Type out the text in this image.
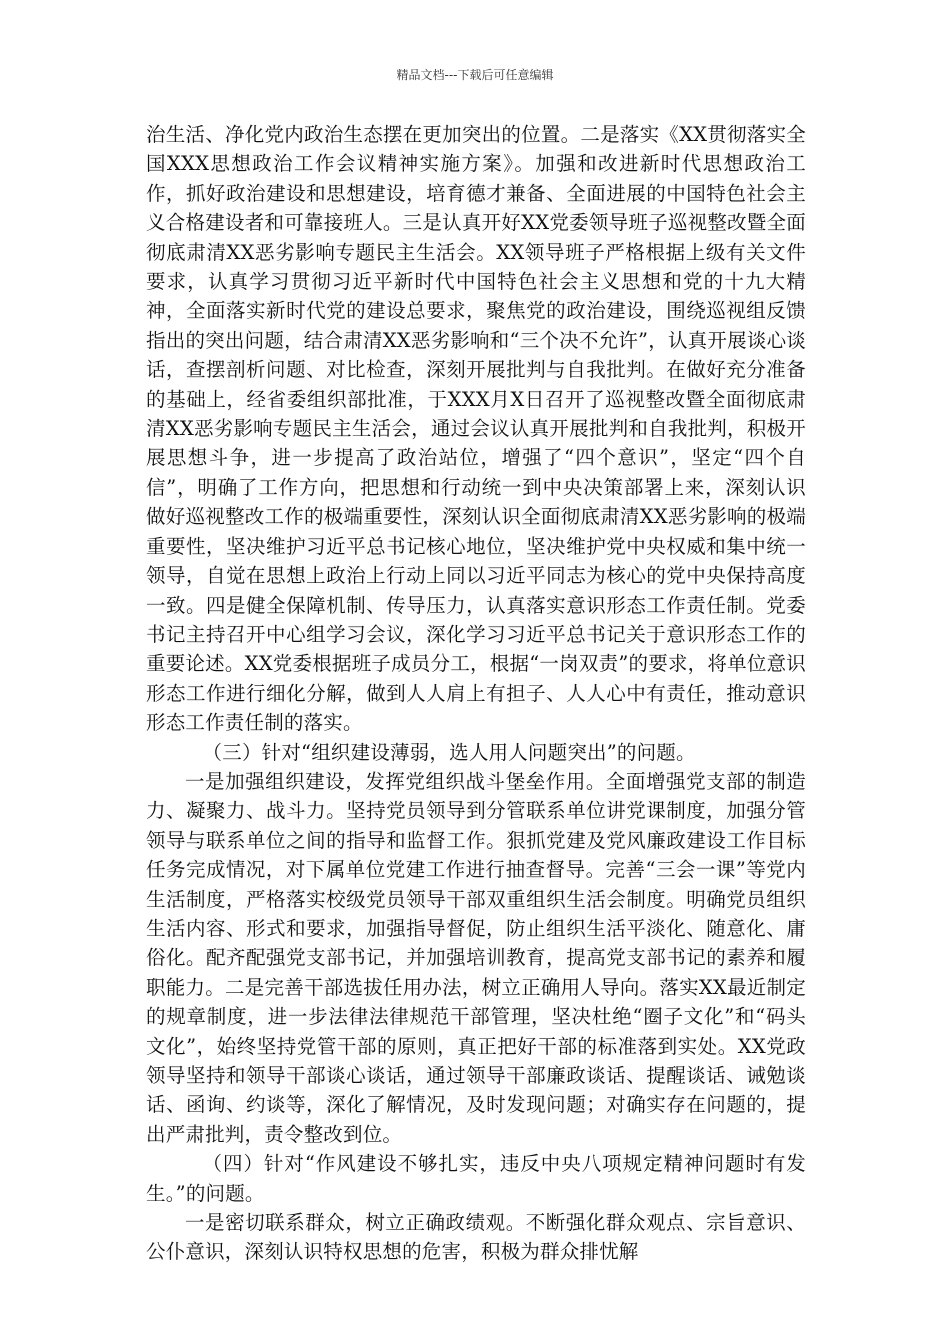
精品文档---下载后可任意编辑

治生活、净化党内政治生态摆在更加突出的位置。二是落实《XX贯彻落实全国XXX思想政治工作会议精神实施方案》。加强和改进新时代思想政治工作，抓好政治建设和思想建设，培育德才兼备、全面进展的中国特色社会主义合格建设者和可靠接班人。三是认真开好XX党委领导班子巡视整改暨全面彻底肃清XX恶劣影响专题民主生活会。XX领导班子严格根据上级有关文件要求，认真学习贯彻习近平新时代中国特色社会主义思想和党的十九大精神，全面落实新时代党的建设总要求，聚焦党的政治建设，围绕巡视组反馈指出的突出问题，结合肃清XX恶劣影响和“三个决不允许”，认真开展谈心谈话，查摆剖析问题、对比检查，深刻开展批判与自我批判。在做好充分准备的基础上，经省委组织部批准，于XXX月X日召开了巡视整改暨全面彻底肃清XX恶劣影响专题民主生活会，通过会议认真开展批判和自我批判，积极开展思想斗争，进一步提高了政治站位，增强了“四个意识”，坚定“四个自信”，明确了工作方向，把思想和行动统一到中央决策部署上来，深刻认识做好巡视整改工作的极端重要性，深刻认识全面彻底肃清XX恶劣影响的极端重要性，坚决维护习近平总书记核心地位，坚决维护党中央权威和集中统一领导，自觉在思想上政治上行动上同以习近平同志为核心的党中央保持高度一致。四是健全保障机制、传导压力，认真落实意识形态工作责任制。党委书记主持召开中心组学习会议，深化学习习近平总书记关于意识形态工作的重要论述。XX党委根据班子成员分工，根据“一岗双责”的要求，将单位意识形态工作进行细化分解，做到人人肩上有担子、人人心中有责任，推动意识形态工作责任制的落实。

（三）针对“组织建设薄弱，选人用人问题突出”的问题。

一是加强组织建设，发挥党组织战斗堡垒作用。全面增强党支部的制造力、凝聚力、战斗力。坚持党员领导到分管联系单位讲党课制度，加强分管领导与联系单位之间的指导和监督工作。狠抓党建及党风廉政建设工作目标任务完成情况，对下属单位党建工作进行抽查督导。完善“三会一课”等党内生活制度，严格落实校级党员领导干部双重组织生活会制度。明确党员组织生活内容、形式和要求，加强指导督促，防止组织生活平淡化、随意化、庸俗化。配齐配强党支部书记，并加强培训教育，提高党支部书记的素养和履职能力。二是完善干部选拔任用办法，树立正确用人导向。落实XX最近制定的规章制度，进一步法律法律规范干部管理，坚决杜绝“圈子文化”和“码头文化”，始终坚持党管干部的原则，真正把好干部的标准落到实处。XX党政领导坚持和领导干部谈心谈话，通过领导干部廉政谈话、提醒谈话、诫勉谈话、函询、约谈等，深化了解情况，及时发现问题；对确实存在问题的，提出严肃批判，责令整改到位。

（四）针对“作风建设不够扎实，违反中央八项规定精神问题时有发生。”的问题。

一是密切联系群众，树立正确政绩观。不断强化群众观点、宗旨意识、公仆意识，深刻认识特权思想的危害，积极为群众排忧解
